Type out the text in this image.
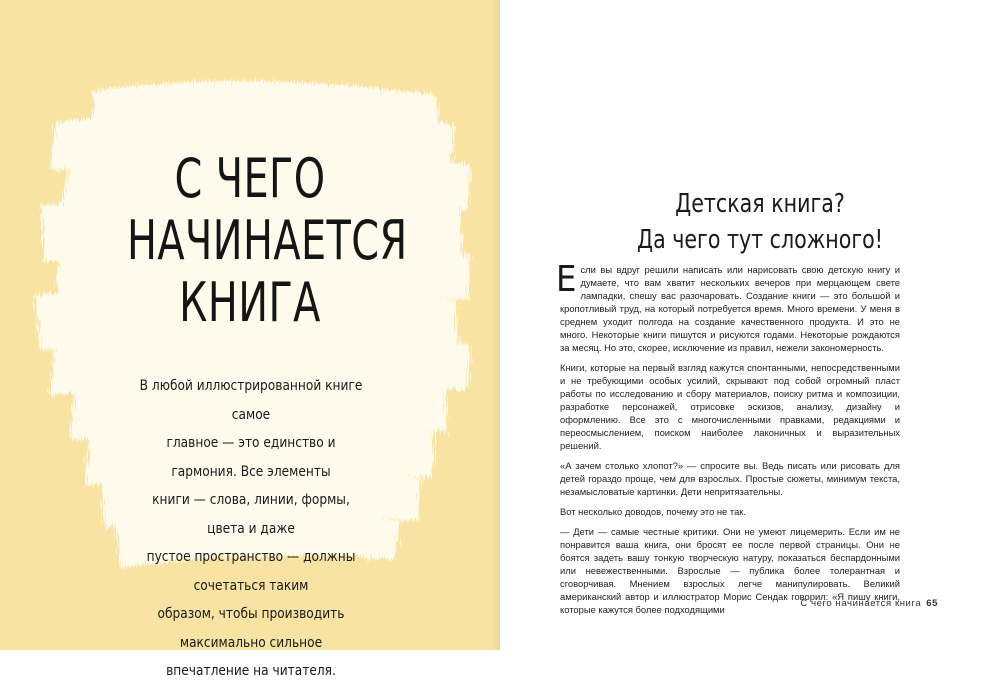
С ЧЕГО
НАЧИНАЕТСЯ
КНИГА

В любой иллюстрированной книге самое
главное — это единство и гармония. Все элементы
книги — слова, линии, формы, цвета и даже
пустое пространство — должны сочетаться таким
образом, чтобы производить максимально сильное
впечатление на читателя.

Детская книга?
Да чего тут сложного!

Если вы вдруг решили написать или нарисовать свою детскую книгу и думаете, что вам хватит нескольких вечеров при мерцающем свете лампадки, спешу вас разочаровать. Создание книги — это большой и кропотливый труд, на который потребуется время. Много времени. У меня в среднем уходит полгода на создание качественного продукта. И это не много. Некоторые книги пишутся и рисуются годами. Некоторые рождаются за месяц. Но это, скорее, исключение из правил, нежели закономерность.

Книги, которые на первый взгляд кажутся спонтанными, непосредственными и не требующими особых усилий, скрывают под собой огромный пласт работы по исследованию и сбору материалов, поиску ритма и композиции, разработке персонажей, отрисовке эскизов, анализу, дизайну и оформлению. Все это с многочисленными правками, редакциями и переосмыслением, поиском наиболее лаконичных и выразительных решений.

«А зачем столько хлопот?» — спросите вы. Ведь писать или рисовать для детей гораздо проще, чем для взрослых. Простые сюжеты, минимум текста, незамысловатые картинки. Дети непритязательны.

Вот несколько доводов, почему это не так.

— Дети — самые честные критики. Они не умеют лицемерить. Если им не понравится ваша книга, они бросят ее после первой страницы. Они не боятся задеть вашу тонкую творческую натуру, показаться беспардонными или невежественными. Взрослые — публика более толерантная и сговорчивая. Мнением взрослых легче манипулировать. Великий американский автор и иллюстратор Морис Сендак говорил: «Я пишу книги, которые кажутся более подходящими

С чего начинается книга 65
